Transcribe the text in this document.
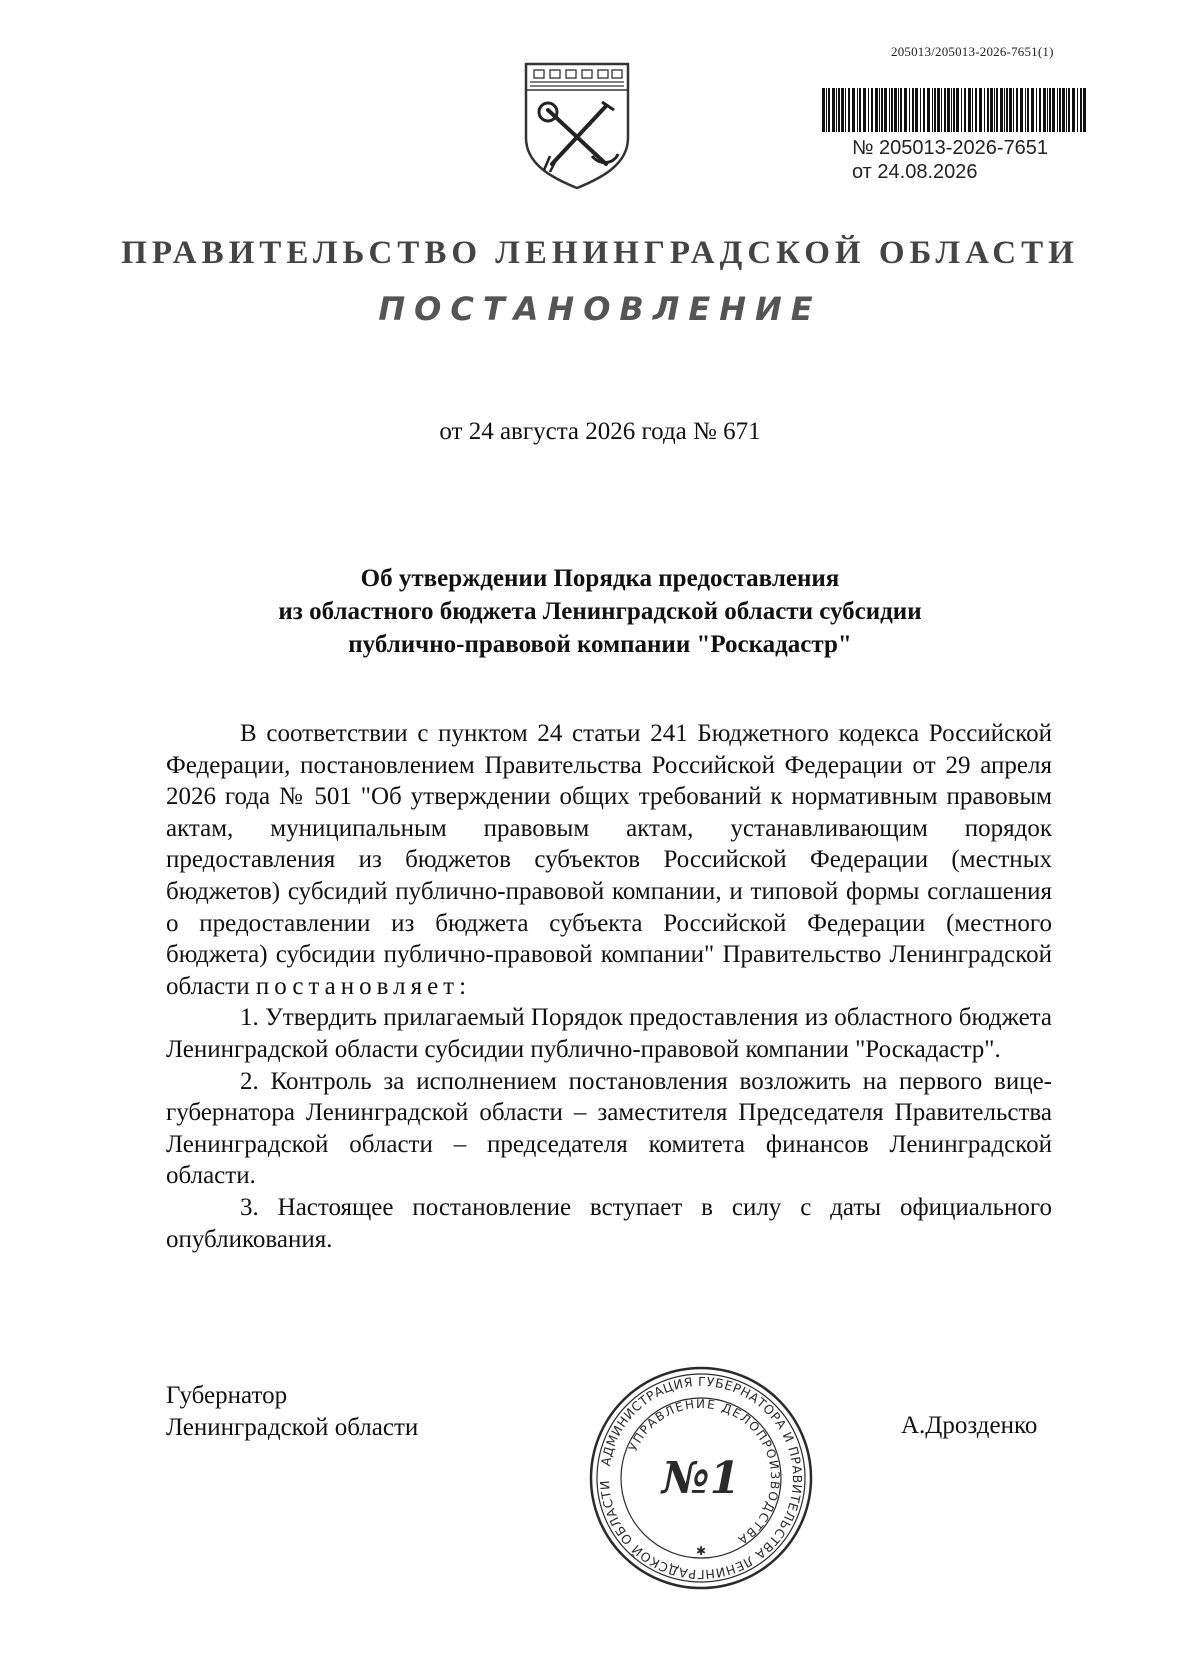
205013/205013-2026-7651(1)
№ 205013-2026-7651
от 24.08.2026
ПРАВИТЕЛЬСТВО ЛЕНИНГРАДСКОЙ ОБЛАСТИ
ПОСТАНОВЛЕНИЕ
от 24 августа 2026 года № 671
Об утверждении Порядка предоставления
из областного бюджета Ленинградской области субсидии
публично-правовой компании "Роскадастр"

В соответствии с пунктом 24 статьи 241 Бюджетного кодекса Российской Федерации, постановлением Правительства Российской Федерации от 29 апреля 2026 года № 501 "Об утверждении общих требований к нормативным правовым актам, муниципальным правовым актам, устанавливающим порядок предоставления из бюджетов субъектов Российской Федерации (местных бюджетов) субсидий публично-правовой компании, и типовой формы соглашения о предоставлении из бюджета субъекта Российской Федерации (местного бюджета) субсидии публично-правовой компании" Правительство Ленинградской области постановляет:

1. Утвердить прилагаемый Порядок предоставления из областного бюджета Ленинградской области субсидии публично-правовой компании "Роскадастр".

2. Контроль за исполнением постановления возложить на первого вице-губернатора Ленинградской области – заместителя Председателя Правительства Ленинградской области – председателя комитета финансов Ленинградской области.

3. Настоящее постановление вступает в силу с даты официального опубликования.

Губернатор
Ленинградской области	А.Дрозденко
АДМИНИСТРАЦИЯ ГУБЕРНАТОРА И ПРАВИТЕЛЬСТВА ЛЕНИНГРАДСКОЙ ОБЛАСТИ
УПРАВЛЕНИЕ ДЕЛОПРОИЗВОДСТВА
№1
✱
